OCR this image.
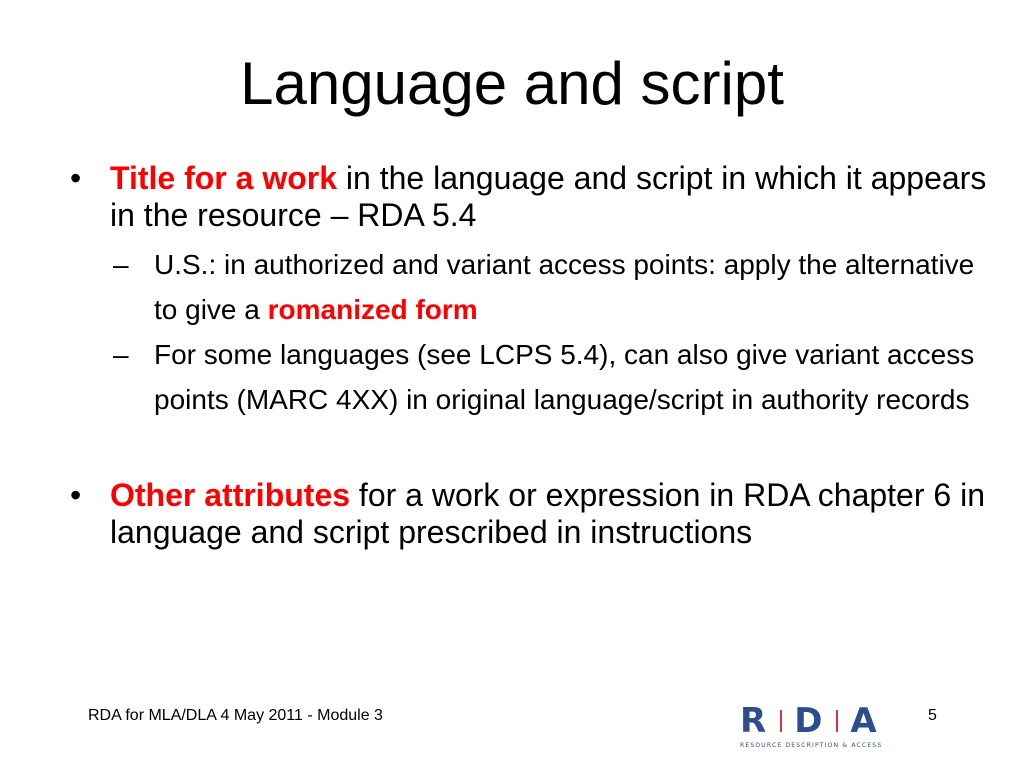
Language and script
• Title for a work in the language and script in which it appears in the resource – RDA 5.4
– U.S.: in authorized and variant access points: apply the alternative to give a romanized form
– For some languages (see LCPS 5.4), can also give variant access points (MARC 4XX) in original language/script in authority records
• Other attributes for a work or expression in RDA chapter 6 in language and script prescribed in instructions
RDA for MLA/DLA 4 May 2011 - Module 3	R D A
RESOURCE DESCRIPTION & ACCESS
5
